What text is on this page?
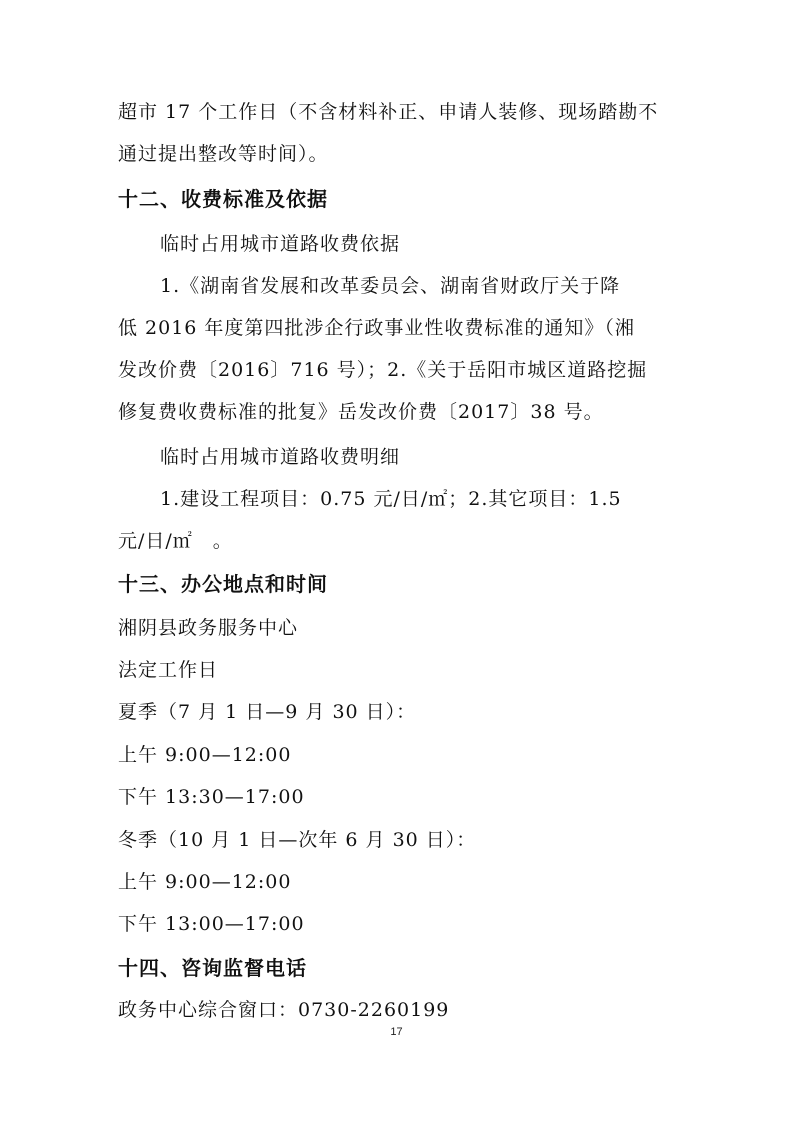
超市 17 个工作日（不含材料补正、申请人装修、现场踏勘不
通过提出整改等时间）。
十二、收费标准及依据
临时占用城市道路收费依据
1.《湖南省发展和改革委员会、湖南省财政厅关于降
低 2016 年度第四批涉企行政事业性收费标准的通知》（湘
发改价费〔2016〕716 号）；2.《关于岳阳市城区道路挖掘
修复费收费标准的批复》岳发改价费〔2017〕38 号。
临时占用城市道路收费明细
1.建设工程项目：0.75 元/日/㎡；2.其它项目：1.5
元/日/㎡　。
十三、办公地点和时间
湘阴县政务服务中心
法定工作日
夏季（7 月 1 日—9 月 30 日）：
上午 9:00—12:00
下午 13:30—17:00
冬季（10 月 1 日—次年 6 月 30 日）：
上午 9:00—12:00
下午 13:00—17:00
十四、咨询监督电话
政务中心综合窗口：0730-2260199
17
